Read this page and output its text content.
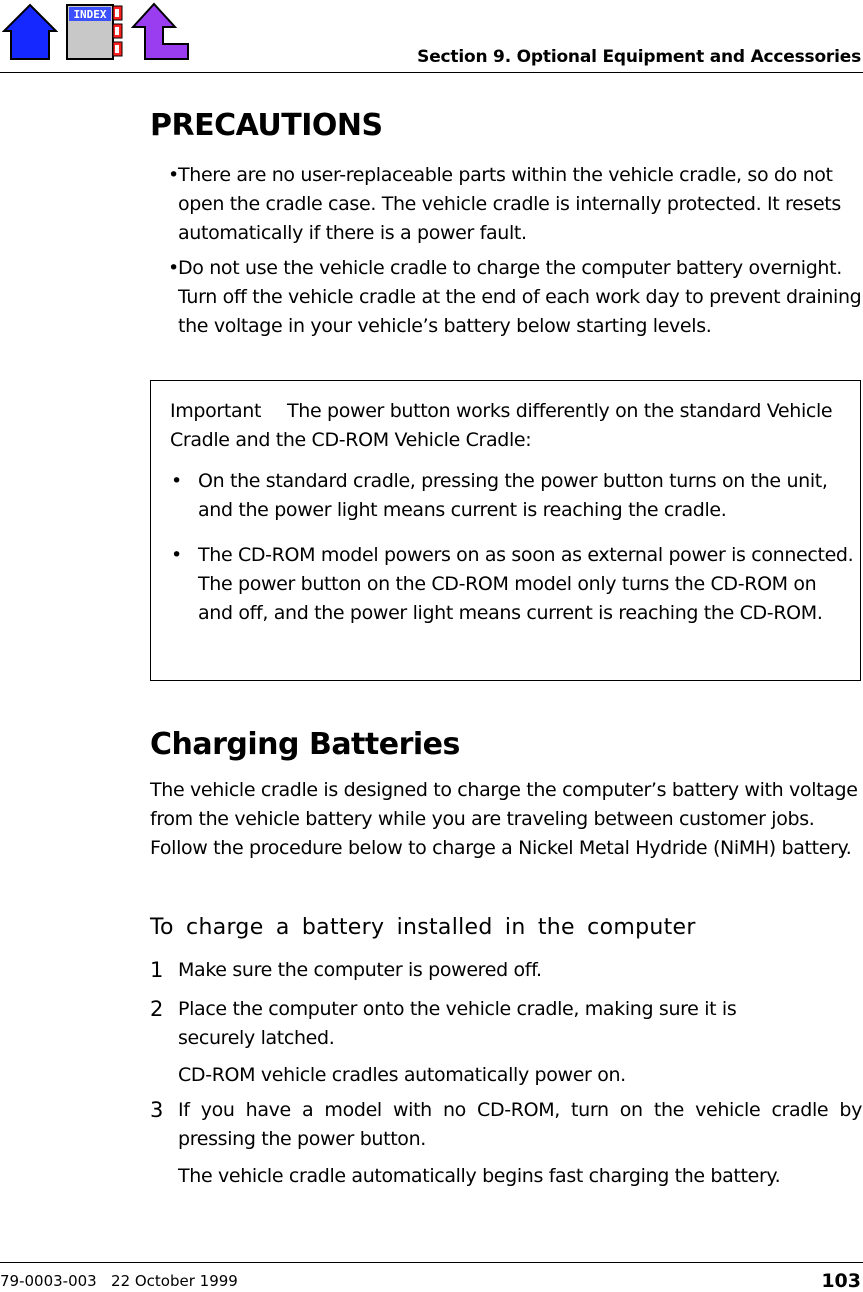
INDEX
Section 9. Optional Equipment and Accessories
PRECAUTIONS
• There are no user-replaceable parts within the vehicle cradle, so do not open the cradle case. The vehicle cradle is internally protected. It resets automatically if there is a power fault.
• Do not use the vehicle cradle to charge the computer battery overnight. Turn off the vehicle cradle at the end of each work day to prevent draining the voltage in your vehicle’s battery below starting levels.
Important The power button works differently on the standard Vehicle Cradle and the CD-ROM Vehicle Cradle:
• On the standard cradle, pressing the power button turns on the unit, and the power light means current is reaching the cradle.
• The CD-ROM model powers on as soon as external power is connected. The power button on the CD-ROM model only turns the CD-ROM on and off, and the power light means current is reaching the CD-ROM.
Charging Batteries
The vehicle cradle is designed to charge the computer’s battery with voltage from the vehicle battery while you are traveling between customer jobs. Follow the procedure below to charge a Nickel Metal Hydride (NiMH) battery.
To charge a battery installed in the computer
1 Make sure the computer is powered off.
2 Place the computer onto the vehicle cradle, making sure it is securely latched.
CD-ROM vehicle cradles automatically power on.
3 If you have a model with no CD-ROM, turn on the vehicle cradle by pressing the power button.
The vehicle cradle automatically begins fast charging the battery.
79-0003-003   22 October 1999	103
